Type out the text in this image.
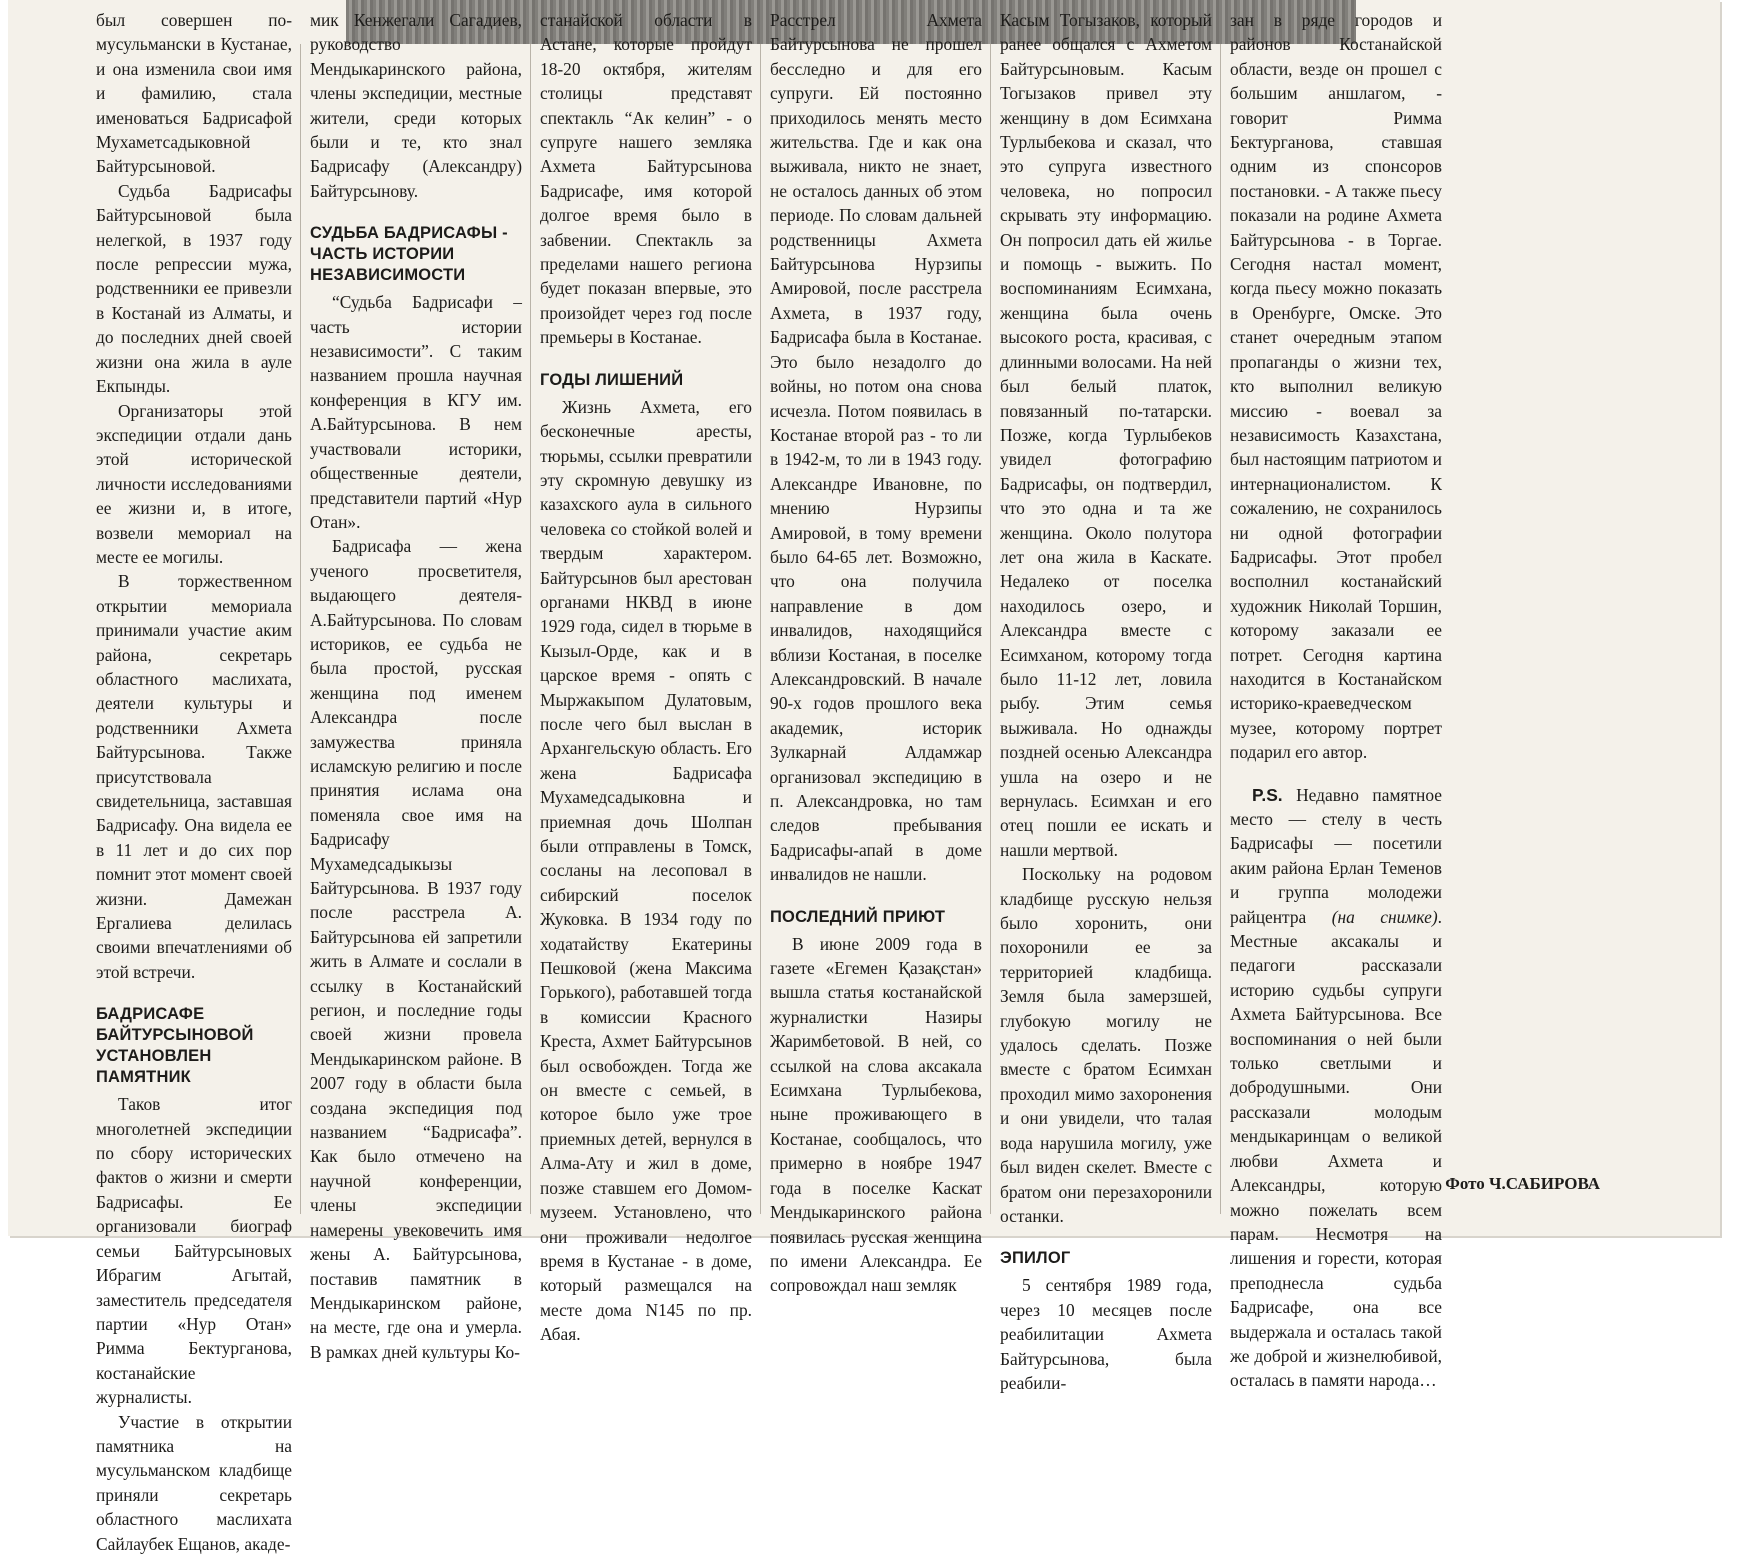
был совершен по-мусульмански в Кустанае, и она изменила свои имя и фамилию, стала именоваться Бадрисафой Мухаметсадыковной Байтурсыновой.

Судьба Бадрисафы Байтурсыновой была нелегкой, в 1937 году после репрессии мужа, родственники ее привезли в Костанай из Алматы, и до последних дней своей жизни она жила в ауле Екпынды.

Организаторы этой экспедиции отдали дань этой исторической личности исследованиями ее жизни и, в итоге, возвели мемориал на месте ее могилы.

В торжественном открытии мемориала принимали участие аким района, секретарь областного маслихата, деятели культуры и родственники Ахмета Байтурсынова. Также присутствовала свидетельница, заставшая Бадрисафу. Она видела ее в 11 лет и до сих пор помнит этот момент своей жизни. Дамежан Ергалиева делилась своими впечатлениями об этой встречи.

БАДРИСАФЕ БАЙТУРСЫНОВОЙ УСТАНОВЛЕН ПАМЯТНИК

Таков итог многолетней экспедиции по сбору исторических фактов о жизни и смерти Бадрисафы. Ее организовали биограф семьи Байтурсыновых Ибрагим Агытай, заместитель председателя партии «Нур Отан» Римма Бектурганова, костанайские журналисты.

Участие в открытии памятника на мусульманском кладбище приняли секретарь областного маслихата Сайлаубек Ещанов, акаде-

мик Кенжегали Сагадиев, руководство Мендыкаринского района, члены экспедиции, местные жители, среди которых были и те, кто знал Бадрисафу (Александру) Байтурсынову.

СУДЬБА БАДРИСАФЫ - ЧАСТЬ ИСТОРИИ НЕЗАВИСИМОСТИ

“Судьба Бадрисафи – часть истории независимости”. С таким названием прошла научная конференция в КГУ им. А.Байтурсынова. В нем участвовали историки, общественные деятели, представители партий «Нур Отан».

Бадрисафа — жена ученого просветителя, выдающего деятеля- А.Байтурсынова. По словам историков, ее судьба не была простой, русская женщина под именем Александра после замужества приняла исламскую религию и после принятия ислама она поменяла свое имя на Бадрисафу Мухамедсадыкызы Байтурсынова. В 1937 году после расстрела А. Байтурсынова ей запретили жить в Алмате и сослали в ссылку в Костанайский регион, и последние годы своей жизни провела Мендыкаринском районе. В 2007 году в области была создана экспедиция под названием “Бадрисафа”. Как было отмечено на научной конференции, члены экспедиции намерены увековечить имя жены А. Байтурсынова, поставив памятник в Мендыкаринском районе, на месте, где она и умерла. В рамках дней культуры Ко-

станайской области в Астане, которые пройдут 18-20 октября, жителям столицы представят спектакль “Ак келин” - о супруге нашего земляка Ахмета Байтурсынова Бадрисафе, имя которой долгое время было в забвении. Спектакль за пределами нашего региона будет показан впервые, это произойдет через год после премьеры в Костанае.

ГОДЫ ЛИШЕНИЙ

Жизнь Ахмета, его бесконечные аресты, тюрьмы, ссылки превратили эту скромную девушку из казахского аула в сильного человека со стойкой волей и твердым характером. Байтурсынов был арестован органами НКВД в июне 1929 года, сидел в тюрьме в Кызыл-Орде, как и в царское время - опять с Мыржакыпом Дулатовым, после чего был выслан в Архангельскую область. Его жена Бадрисафа Мухамедсадыковна и приемная дочь Шолпан были отправлены в Томск, сосланы на лесоповал в сибирский поселок Жуковка. В 1934 году по ходатайству Екатерины Пешковой (жена Максима Горького), работавшей тогда в комиссии Красного Креста, Ахмет Байтурсынов был освобожден. Тогда же он вместе с семьей, в которое было уже трое приемных детей, вернулся в Алма-Ату и жил в доме, позже ставшем его Домом-музеем. Установлено, что они проживали недолгое время в Кустанае - в доме, который размещался на месте дома N145 по пр. Абая.

Расстрел Ахмета Байтурсынова не прошел бесследно и для его супруги. Ей постоянно приходилось менять место жительства. Где и как она выживала, никто не знает, не осталось данных об этом периоде. По словам дальней родственницы Ахмета Байтурсынова Нурзипы Амировой, после расстрела Ахмета, в 1937 году, Бадрисафа была в Костанае. Это было незадолго до войны, но потом она снова исчезла. Потом появилась в Костанае второй раз - то ли в 1942-м, то ли в 1943 году. Александре Ивановне, по мнению Нурзипы Амировой, в тому времени было 64-65 лет. Возможно, что она получила направление в дом инвалидов, находящийся вблизи Костаная, в поселке Александровский. В начале 90-х годов прошлого века академик, историк Зулкарнай Алдамжар организовал экспедицию в п. Александровка, но там следов пребывания Бадрисафы-апай в доме инвалидов не нашли.

ПОСЛЕДНИЙ ПРИЮТ

В июне 2009 года в газете «Егемен Қазақстан» вышла статья костанайской журналистки Назиры Жаримбетовой. В ней, со ссылкой на слова аксакала Есимхана Турлыбекова, ныне проживающего в Костанае, сообщалось, что примерно в ноябре 1947 года в поселке Каскат Мендыкаринского района появилась русская женщина по имени Александра. Ее сопровождал наш земляк

Касым Тогызаков, который ранее общался с Ахметом Байтурсыновым. Касым Тогызаков привел эту женщину в дом Есимхана Турлыбекова и сказал, что это супруга известного человека, но попросил скрывать эту информацию. Он попросил дать ей жилье и помощь - выжить. По воспоминаниям Есимхана, женщина была очень высокого роста, красивая, с длинными волосами. На ней был белый платок, повязанный по-татарски. Позже, когда Турлыбеков увидел фотографию Бадрисафы, он подтвердил, что это одна и та же женщина. Около полутора лет она жила в Каскате. Недалеко от поселка находилось озеро, и Александра вместе с Есимханом, которому тогда было 11-12 лет, ловила рыбу. Этим семья выживала. Но однажды поздней осенью Александра ушла на озеро и не вернулась. Есимхан и его отец пошли ее искать и нашли мертвой.

Поскольку на родовом кладбище русскую нельзя было хоронить, они похоронили ее за территорией кладбища. Земля была замерзшей, глубокую могилу не удалось сделать. Позже вместе с братом Есимхан проходил мимо захоронения и они увидели, что талая вода нарушила могилу, уже был виден скелет. Вместе с братом они перезахоронили останки.

ЭПИЛОГ

5 сентября 1989 года, через 10 месяцев после реабилитации Ахмета Байтурсынова, была реабили-

зан в ряде городов и районов Костанайской области, везде он прошел с большим аншлагом, - говорит Римма Бектурганова, ставшая одним из спонсоров постановки. - А также пьесу показали на родине Ахмета Байтурсынова - в Торгае. Сегодня настал момент, когда пьесу можно показать в Оренбурге, Омске. Это станет очередным этапом пропаганды о жизни тех, кто выполнил великую миссию - воевал за независимость Казахстана, был настоящим патриотом и интернационалистом. К сожалению, не сохранилось ни одной фотографии Бадрисафы. Этот пробел восполнил костанайский художник Николай Торшин, которому заказали ее потрет. Сегодня картина находится в Костанайском историко-краеведческом музее, которому портрет подарил его автор.

P.S. Недавно памятное место — стелу в честь Бадрисафы — посетили аким района Ерлан Теменов и группа молодежи райцентра (на снимке). Местные аксакалы и педагоги рассказали историю судьбы супруги Ахмета Байтурсынова. Все воспоминания о ней были только светлыми и добродушными. Они рассказали молодым мендыкаринцам о великой любви Ахмета и Александры, которую можно пожелать всем парам. Несмотря на лишения и горести, которая преподнесла судьба Бадрисафе, она все выдержала и осталась такой же доброй и жизнелюбивой, осталась в памяти народа…

Фото Ч.САБИРОВА
